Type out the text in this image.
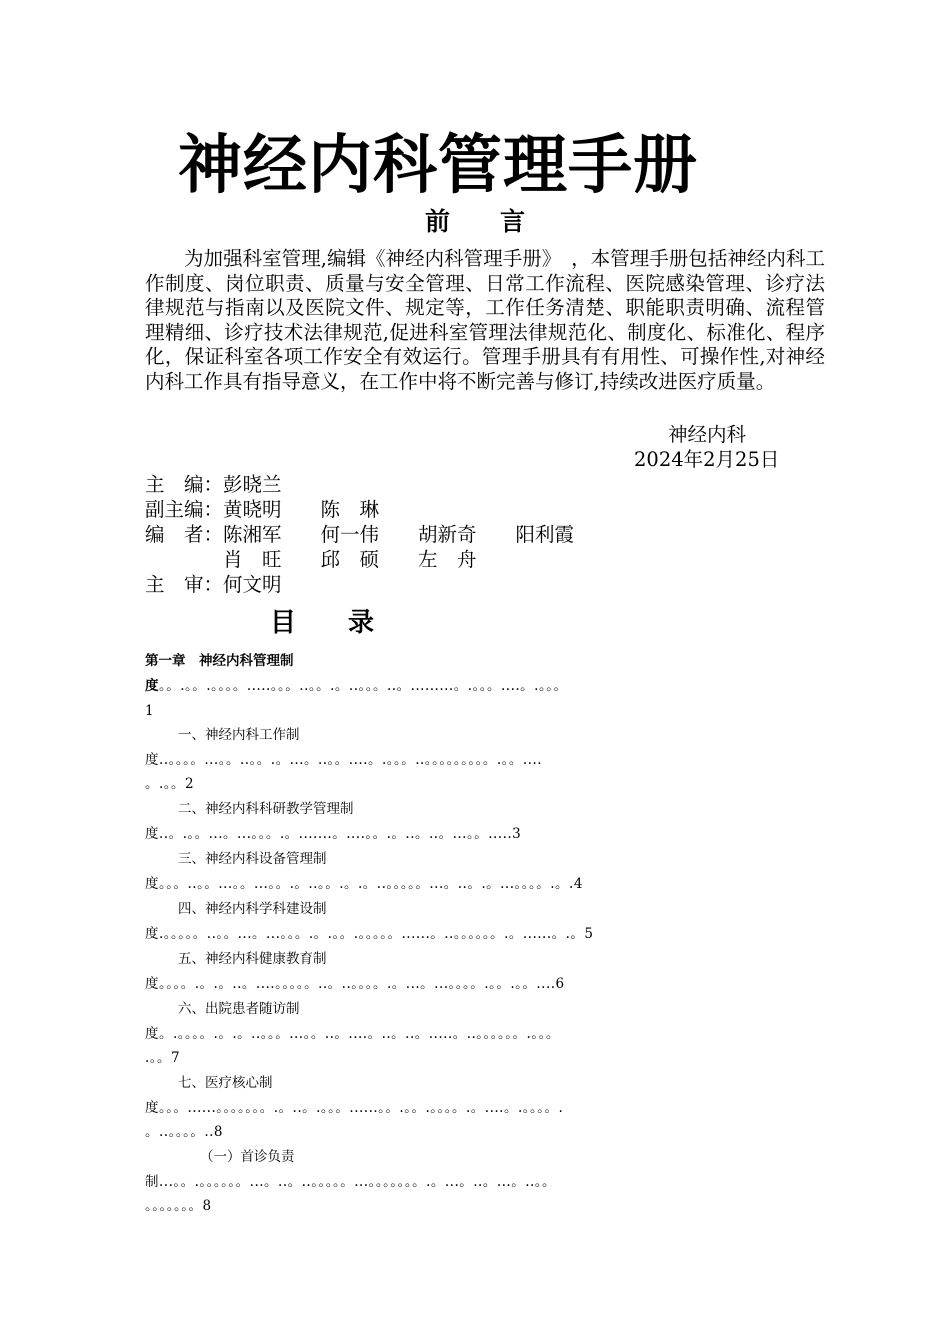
神经内科管理手册
前　　言
为加强科室管理,编辑《神经内科管理手册》　，本管理手册包括神经内科工作制度、岗位职责、质量与安全管理、日常工作流程、医院感染管理、诊疗法律规范与指南以及医院文件、规定等，工作任务清楚、职能职责明确、流程管理精细、诊疗技术法律规范,促进科室管理法律规范化、制度化、标准化、程序化，保证科室各项工作安全有效运行。管理手册具有有用性、可操作性,对神经内科工作具有指导意义，在工作中将不断完善与修订,持续改进医疗质量。
神经内科
2024年2月25日
主　编：彭晓兰
副主编：黄晓明　　陈　琳
编　者：陈湘军　　何一伟　　胡新奇　　阳利霞
　　　　肖　旺　　邱　硕　　左　舟
主　审：何文明
目　　录
第一章　神经内科管理制
度。。.。。.。。。。.....。。。..。。.。..。。。..。.........。.。。。....。.。。。
1
一、神经内科工作制
度..。。。。...。。..。。.。...。..。。....。.。。。..。。。。。。。。。.。。....
。.。。2
二、神经内科科研教学管理制
度..。.。。...。...。。。.。.......。....。。.。..。..。...。。.....3
三、神经内科设备管理制
度。。。..。。...。。...。。.。..。。.。.。..。。。。。...。..。.。...。。。。.。.4
四、神经内科学科建设制
度.。。。。。..。。...。...。。。.。.。。.。。。。。......。..。。。。。。.。......。.。5
五、神经内科健康教育制
度。。。。.。.。..。....。。。。。..。..。。。。.。...。...。。。。.。。.。。....6
六、出院患者随访制
度。.。。。。.。.。..。。。...。。..。....。..。..。.....。..。。。。。。.。。。
.。。7
七、医疗核心制
度。。。......。。。。。。。.。..。.。。。......。。.。。.。。。。.。....。.。。。。.
。..。。。。..8
（一）首诊负责
制...。。.。。。。。。...。..。..。。。。。...。。。。。。。.。...。..。...。..。。
。。。。。。。8
